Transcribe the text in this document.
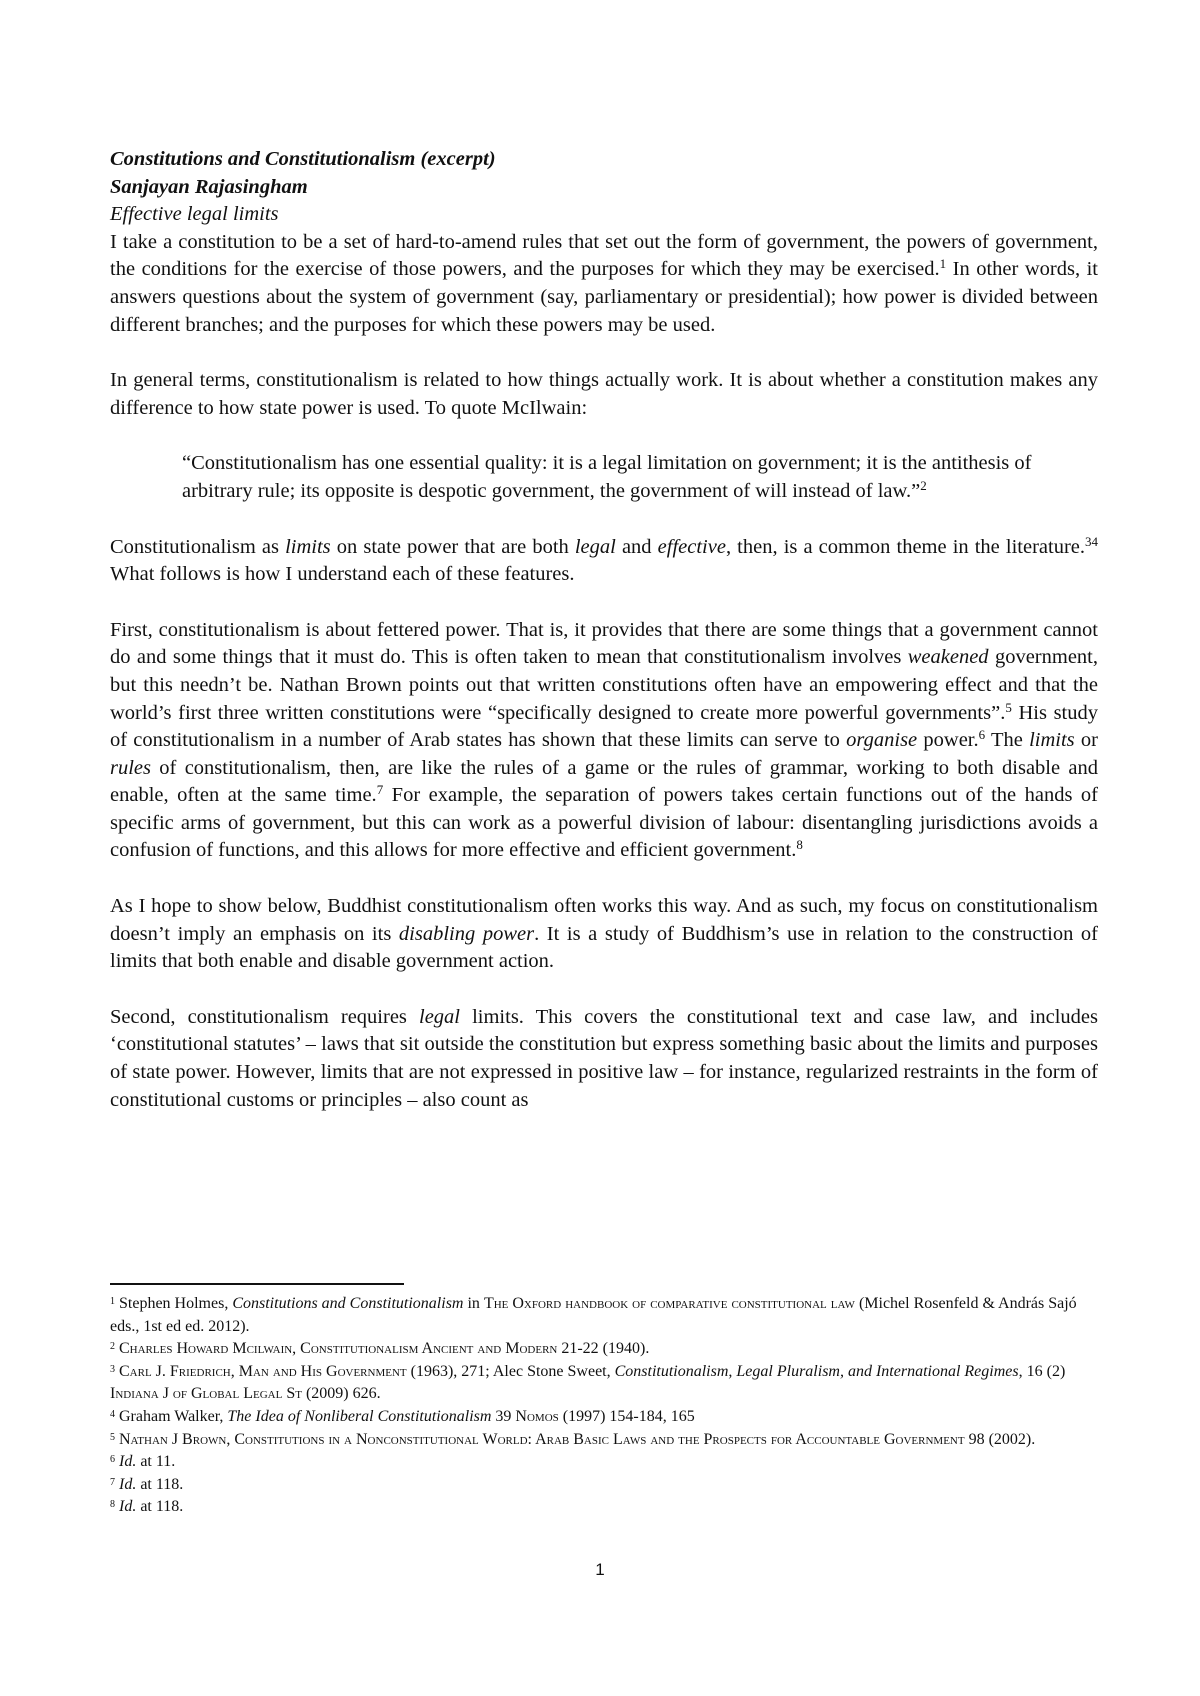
Constitutions and Constitutionalism (excerpt)
Sanjayan Rajasingham
Effective legal limits

I take a constitution to be a set of hard-to-amend rules that set out the form of government, the powers of government, the conditions for the exercise of those powers, and the purposes for which they may be exercised.$^1$ In other words, it answers questions about the system of government (say, parliamentary or presidential); how power is divided between different branches; and the purposes for which these powers may be used.

In general terms, constitutionalism is related to how things actually work. It is about whether a constitution makes any difference to how state power is used. To quote McIlwain:

“Constitutionalism has one essential quality: it is a legal limitation on government; it is the antithesis of arbitrary rule; its opposite is despotic government, the government of will instead of law.”$^2$

Constitutionalism as limits on state power that are both legal and effective, then, is a common theme in the literature.$^{34}$ What follows is how I understand each of these features.

First, constitutionalism is about fettered power. That is, it provides that there are some things that a government cannot do and some things that it must do. This is often taken to mean that constitutionalism involves weakened government, but this needn’t be. Nathan Brown points out that written constitutions often have an empowering effect and that the world’s first three written constitutions were “specifically designed to create more powerful governments”.$^5$ His study of constitutionalism in a number of Arab states has shown that these limits can serve to organise power.$^6$ The limits or rules of constitutionalism, then, are like the rules of a game or the rules of grammar, working to both disable and enable, often at the same time.$^7$ For example, the separation of powers takes certain functions out of the hands of specific arms of government, but this can work as a powerful division of labour: disentangling jurisdictions avoids a confusion of functions, and this allows for more effective and efficient government.$^8$

As I hope to show below, Buddhist constitutionalism often works this way. And as such, my focus on constitutionalism doesn’t imply an emphasis on its disabling power. It is a study of Buddhism’s use in relation to the construction of limits that both enable and disable government action.

Second, constitutionalism requires legal limits. This covers the constitutional text and case law, and includes ‘constitutional statutes’ – laws that sit outside the constitution but express something basic about the limits and purposes of state power. However, limits that are not expressed in positive law – for instance, regularized restraints in the form of constitutional customs or principles – also count as

$^1$ Stephen Holmes, Constitutions and Constitutionalism in The Oxford handbook of comparative constitutional law (Michel Rosenfeld & András Sajó eds., 1st ed ed. 2012).
$^2$ Charles Howard Mcilwain, Constitutionalism Ancient and Modern 21-22 (1940).
$^3$ Carl J. Friedrich, Man and His Government (1963), 271; Alec Stone Sweet, Constitutionalism, Legal Pluralism, and International Regimes, 16 (2) Indiana J of Global Legal St (2009) 626.
$^4$ Graham Walker, The Idea of Nonliberal Constitutionalism 39 Nomos (1997) 154-184, 165
$^5$ Nathan J Brown, Constitutions in a Nonconstitutional World: Arab Basic Laws and the Prospects for Accountable Government 98 (2002).
$^6$ Id. at 11.
$^7$ Id. at 118.
$^8$ Id. at 118.
1
